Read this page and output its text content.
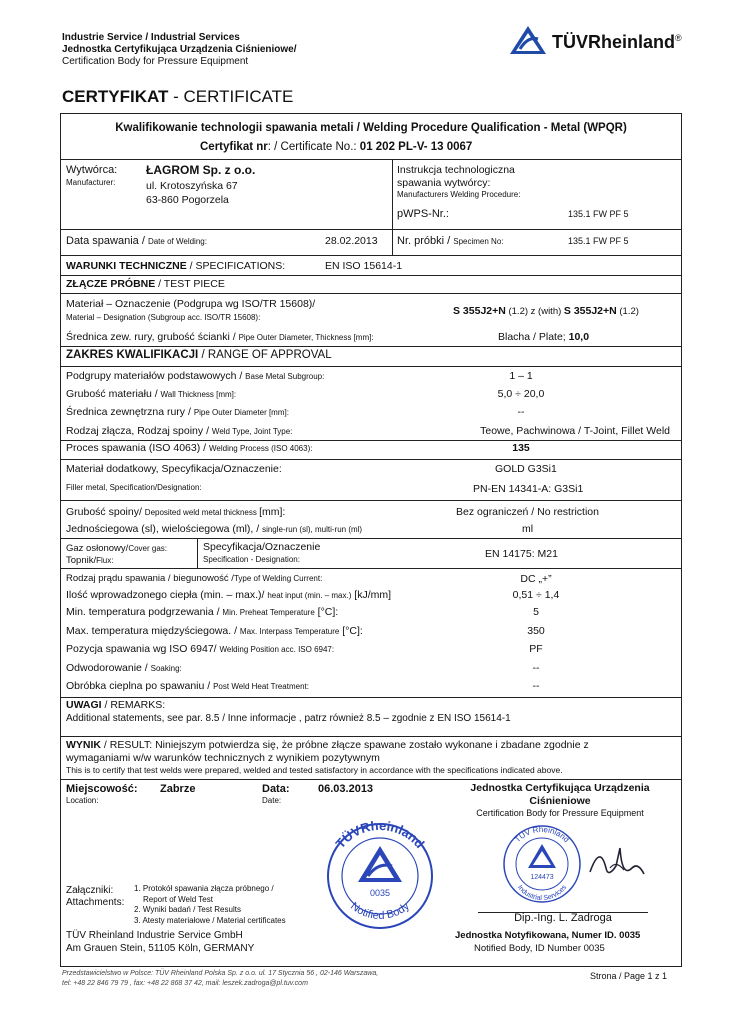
Industrie Service / Industrial Services
Jednostka Certyfikująca Urządzenia Ciśnieniowe/
Certification Body for Pressure Equipment
TÜVRheinland®
CERTYFIKAT - CERTIFICATE
Kwalifikowanie technologii spawania metali / Welding Procedure Qualification - Metal (WPQR)
Certyfikat nr: / Certificate No.: 01 202 PL-V- 13 0067
Wytwórca:
Manufacturer:
ŁAGROM Sp. z o.o.
ul. Krotoszyńska 67
63-860 Pogorzela
Instrukcja technologiczna
spawania wytwórcy:
Manufacturers Welding Procedure:
pWPS-Nr.:	135.1 FW PF 5
Data spawania / Date of Welding:	28.02.2013 Nr. próbki / Specimen No:	135.1 FW PF 5
WARUNKI TECHNICZNE / SPECIFICATIONS:	EN ISO 15614-1
ZŁĄCZE PRÓBNE / TEST PIECE
Materiał – Oznaczenie (Podgrupa wg ISO/TR 15608)/
Material – Designation (Subgroup acc. ISO/TR 15608):
S 355J2+N (1.2) z (with) S 355J2+N (1.2)
Średnica zew. rury, grubość ścianki / Pipe Outer Diameter, Thickness [mm]:	Blacha / Plate; 10,0
ZAKRES KWALIFIKACJI / RANGE OF APPROVAL
Podgrupy materiałów podstawowych / Base Metal Subgroup:	1 – 1
Grubość materiału / Wall Thickness [mm]:	5,0 ÷ 20,0
Średnica zewnętrzna rury / Pipe Outer Diameter [mm]:	--
Rodzaj złącza, Rodzaj spoiny / Weld Type, Joint Type:	Teowe, Pachwinowa / T-Joint, Fillet Weld
Proces spawania (ISO 4063) / Welding Process (ISO 4063):	135
Materiał dodatkowy, Specyfikacja/Oznaczenie:
Filler metal, Specification/Designation:
GOLD G3Si1
PN-EN 14341-A: G3Si1
Grubość spoiny/ Deposited weld metal thickness [mm]:	Bez ograniczeń / No restriction
Jednościegowa (sl), wielościegowa (ml), / single-run (sl), multi-run (ml)	ml
Gaz osłonowy/Cover gas:
Topnik/Flux:
Specyfikacja/Oznaczenie
Specification - Designation:	EN 14175: M21
Rodzaj prądu spawania / biegunowość /Type of Welding Current:	DC „+”
Ilość wprowadzonego ciepła (min. – max.)/ heat input (min. – max.) [kJ/mm]	0,51 ÷ 1,4
Min. temperatura podgrzewania / Min. Preheat Temperature [°C]:	5
Max. temperatura międzyściegowa. / Max. Interpass Temperature [°C]:	350
Pozycja spawania wg ISO 6947/ Welding Position acc. ISO 6947:	PF
Odwodorowanie / Soaking:	--
Obróbka cieplna po spawaniu / Post Weld Heat Treatment:	--
UWAGI / REMARKS:
Additional statements, see par. 8.5 / Inne informacje , patrz również 8.5 – zgodnie z EN ISO 15614-1
WYNIK / RESULT: Niniejszym potwierdza się, że próbne złącze spawane zostało wykonane i zbadane zgodnie z
wymaganiami w/w warunków technicznych z wynikiem pozytywnym
This is to certify that test welds were prepared, welded and tested satisfactory in accordance with the specifications indicated above.
Miejscowość:
Location:
Zabrze	Data:
Date:
06.03.2013	Jednostka Certyfikująca Urządzenia
Ciśnieniowe
Certification Body for Pressure Equipment
TÜVRheinland
Notified Body
0035
TÜV Rheinland
Industrial Services
124473
Załączniki:
Attachments:
1. Protokół spawania złącza próbnego /
Report of Weld Test
2. Wyniki badań / Test Results
3. Atesty materiałowe / Material certificates	Dip.-Ing. L. Zadroga
TÜV Rheinland Industrie Service GmbH
Am Grauen Stein, 51105 Köln, GERMANY
Jednostka Notyfikowana, Numer ID. 0035
Notified Body, ID Number 0035
Przedstawicielstwo w Polsce: TÜV Rheinland Polska Sp. z o.o. ul. 17 Stycznia 56 , 02-146 Warszawa,
tel: +48 22 846 79 79 , fax: +48 22 868 37 42, mail: leszek.zadroga@pl.tuv.com
Strona / Page 1 z 1
